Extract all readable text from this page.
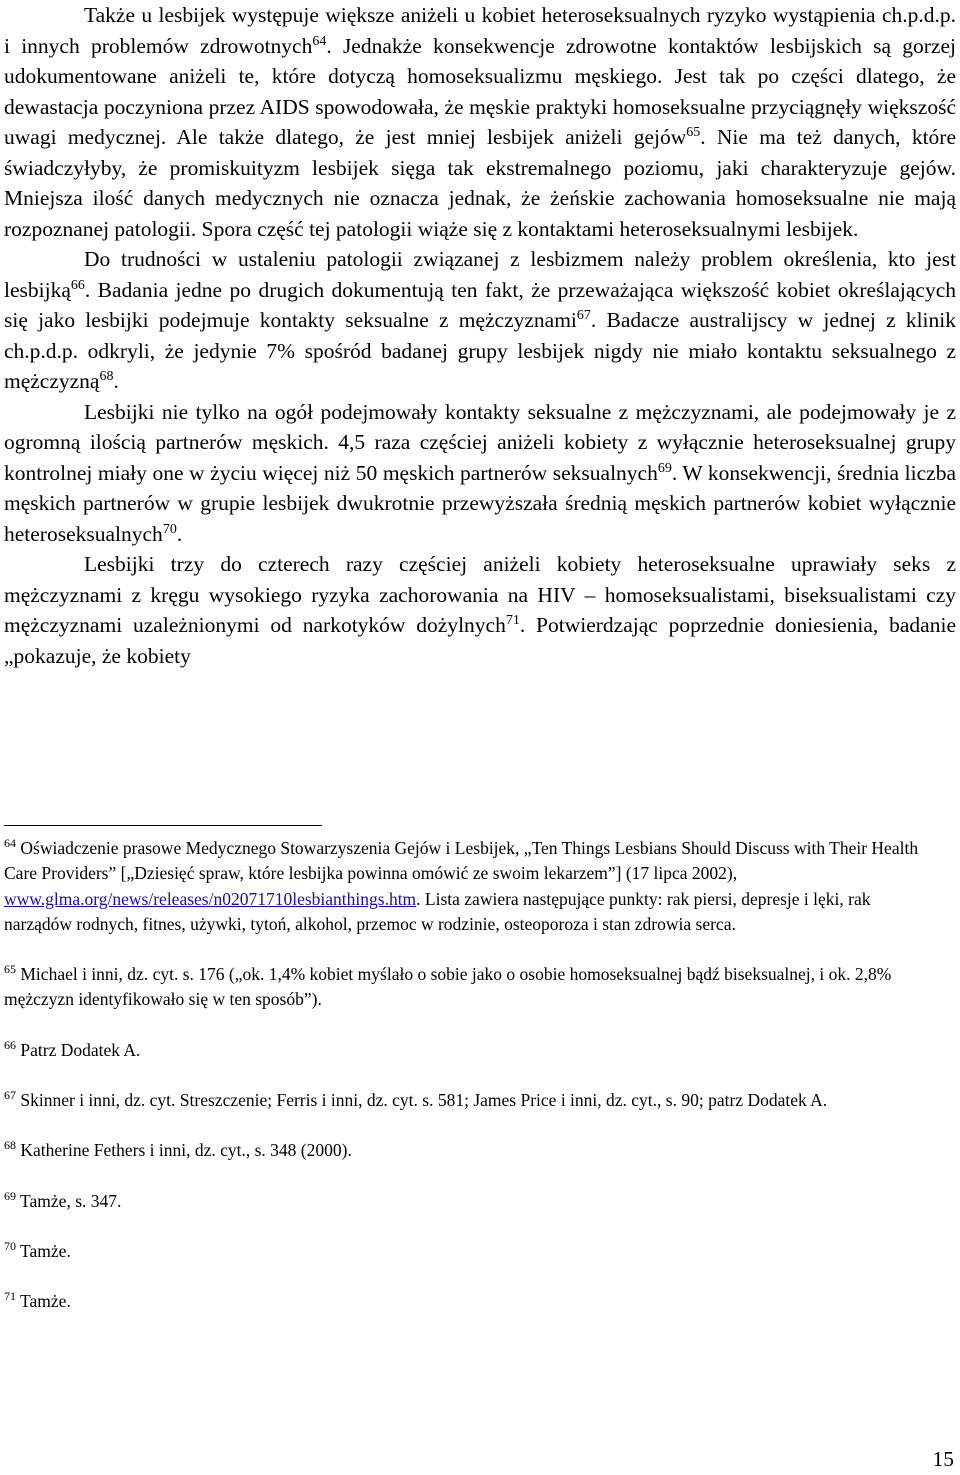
Także u lesbijek występuje większe aniżeli u kobiet heteroseksualnych ryzyko wystąpienia ch.p.d.p. i innych problemów zdrowotnych$^{64}$. Jednakże konsekwencje zdrowotne kontaktów lesbijskich są gorzej udokumentowane aniżeli te, które dotyczą homoseksualizmu męskiego. Jest tak po części dlatego, że dewastacja poczyniona przez AIDS spowodowała, że męskie praktyki homoseksualne przyciągnęły większość uwagi medycznej. Ale także dlatego, że jest mniej lesbijek aniżeli gejów$^{65}$. Nie ma też danych, które świadczyłyby, że promiskuityzm lesbijek sięga tak ekstremalnego poziomu, jaki charakteryzuje gejów. Mniejsza ilość danych medycznych nie oznacza jednak, że żeńskie zachowania homoseksualne nie mają rozpoznanej patologii. Spora część tej patologii wiąże się z kontaktami heteroseksualnymi lesbijek.

Do trudności w ustaleniu patologii związanej z lesbizmem należy problem określenia, kto jest lesbijką$^{66}$. Badania jedne po drugich dokumentują ten fakt, że przeważająca większość kobiet określających się jako lesbijki podejmuje kontakty seksualne z mężczyznami$^{67}$. Badacze australijscy w jednej z klinik ch.p.d.p. odkryli, że jedynie 7% spośród badanej grupy lesbijek nigdy nie miało kontaktu seksualnego z mężczyzną$^{68}$.

Lesbijki nie tylko na ogół podejmowały kontakty seksualne z mężczyznami, ale podejmowały je z ogromną ilością partnerów męskich. 4,5 raza częściej aniżeli kobiety z wyłącznie heteroseksualnej grupy kontrolnej miały one w życiu więcej niż 50 męskich partnerów seksualnych$^{69}$. W konsekwencji, średnia liczba męskich partnerów w grupie lesbijek dwukrotnie przewyższała średnią męskich partnerów kobiet wyłącznie heteroseksualnych$^{70}$.

Lesbijki trzy do czterech razy częściej aniżeli kobiety heteroseksualne uprawiały seks z mężczyznami z kręgu wysokiego ryzyka zachorowania na HIV – homoseksualistami, biseksualistami czy mężczyznami uzależnionymi od narkotyków dożylnych$^{71}$. Potwierdzając poprzednie doniesienia, badanie „pokazuje, że kobiety

$^{64}$ Oświadczenie prasowe Medycznego Stowarzyszenia Gejów i Lesbijek, „Ten Things Lesbians Should Discuss with Their Health Care Providers” [„Dziesięć spraw, które lesbijka powinna omówić ze swoim lekarzem”] (17 lipca 2002), www.glma.org/news/releases/n02071710lesbianthings.htm. Lista zawiera następujące punkty: rak piersi, depresje i lęki, rak narządów rodnych, fitnes, używki, tytoń, alkohol, przemoc w rodzinie, osteoporoza i stan zdrowia serca.

$^{65}$ Michael i inni, dz. cyt. s. 176 („ok. 1,4% kobiet myślało o sobie jako o osobie homoseksualnej bądź biseksualnej, i ok. 2,8% mężczyzn identyfikowało się w ten sposób”).

$^{66}$ Patrz Dodatek A.

$^{67}$ Skinner i inni, dz. cyt. Streszczenie; Ferris i inni, dz. cyt. s. 581; James Price i inni, dz. cyt., s. 90; patrz Dodatek A.

$^{68}$ Katherine Fethers i inni, dz. cyt., s. 348 (2000).

$^{69}$ Tamże, s. 347.

$^{70}$ Tamże.

$^{71}$ Tamże.

15
